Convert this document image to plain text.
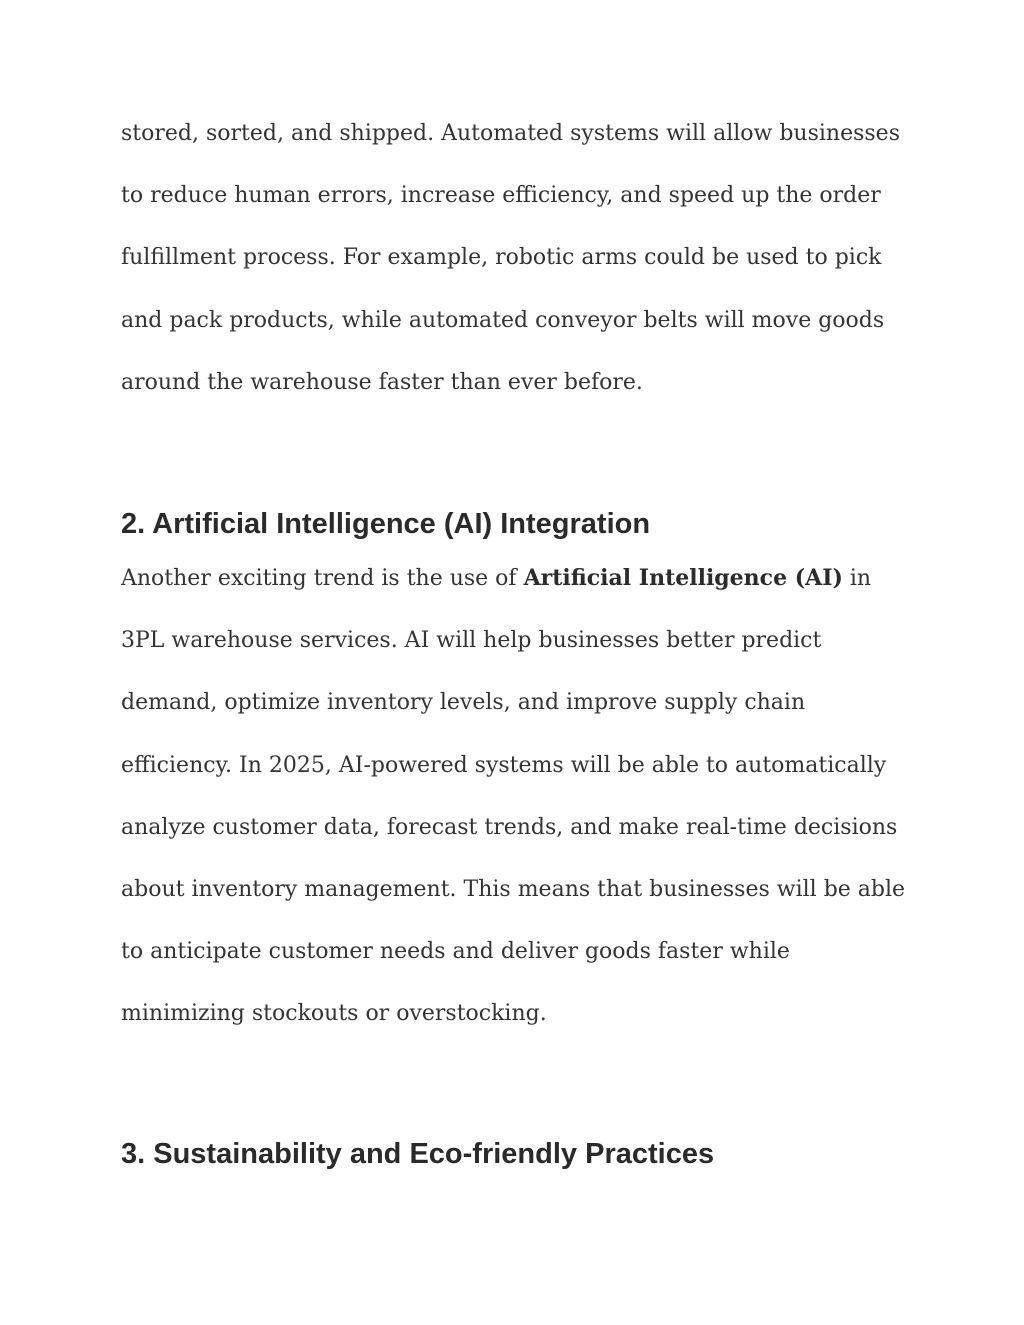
stored, sorted, and shipped. Automated systems will allow businesses
to reduce human errors, increase efficiency, and speed up the order
fulfillment process. For example, robotic arms could be used to pick
and pack products, while automated conveyor belts will move goods
around the warehouse faster than ever before.

2. Artificial Intelligence (AI) Integration

Another exciting trend is the use of Artificial Intelligence (AI) in
3PL warehouse services. AI will help businesses better predict
demand, optimize inventory levels, and improve supply chain
efficiency. In 2025, AI-powered systems will be able to automatically
analyze customer data, forecast trends, and make real-time decisions
about inventory management. This means that businesses will be able
to anticipate customer needs and deliver goods faster while
minimizing stockouts or overstocking.

3. Sustainability and Eco-friendly Practices
